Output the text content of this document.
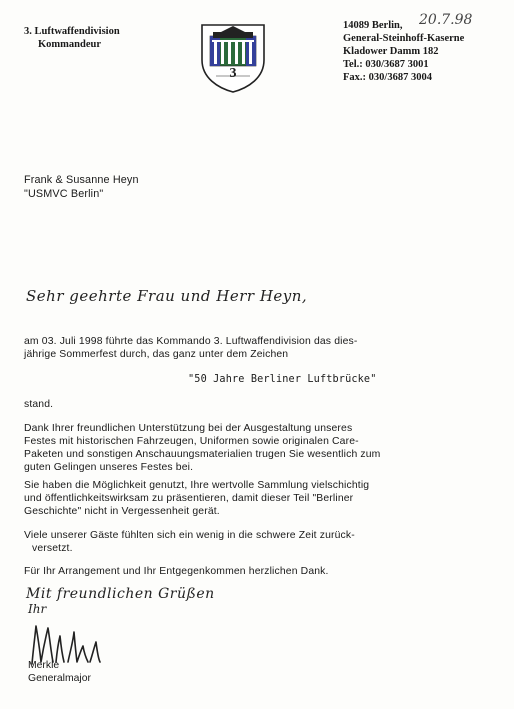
3. Luftwaffendivision
Kommandeur
3
14089 Berlin, 20.7.98
General-Steinhoff-Kaserne
Kladower Damm 182
Tel.: 030/3687 3001
Fax.: 030/3687 3004
Frank & Susanne Heyn
"USMVC Berlin"
Sehr geehrte Frau und Herr Heyn,

am 03. Juli 1998 führte das Kommando 3. Luftwaffendivision das dies-

jährige Sommerfest durch, das ganz unter dem Zeichen

"50 Jahre Berliner Luftbrücke"
stand.

Dank Ihrer freundlichen Unterstützung bei der Ausgestaltung unseres

Festes mit historischen Fahrzeugen, Uniformen sowie originalen Care-

Paketen und sonstigen Anschauungsmaterialien trugen Sie wesentlich zum

guten Gelingen unseres Festes bei.

Sie haben die Möglichkeit genutzt, Ihre wertvolle Sammlung vielschichtig

und öffentlichkeitswirksam zu präsentieren, damit dieser Teil "Berliner

Geschichte" nicht in Vergessenheit gerät.

Viele unserer Gäste fühlten sich ein wenig in die schwere Zeit zurück-

versetzt.

Für Ihr Arrangement und Ihr Entgegenkommen herzlichen Dank.
Mit freundlichen Grüßen
Ihr
Merkle
Generalmajor
